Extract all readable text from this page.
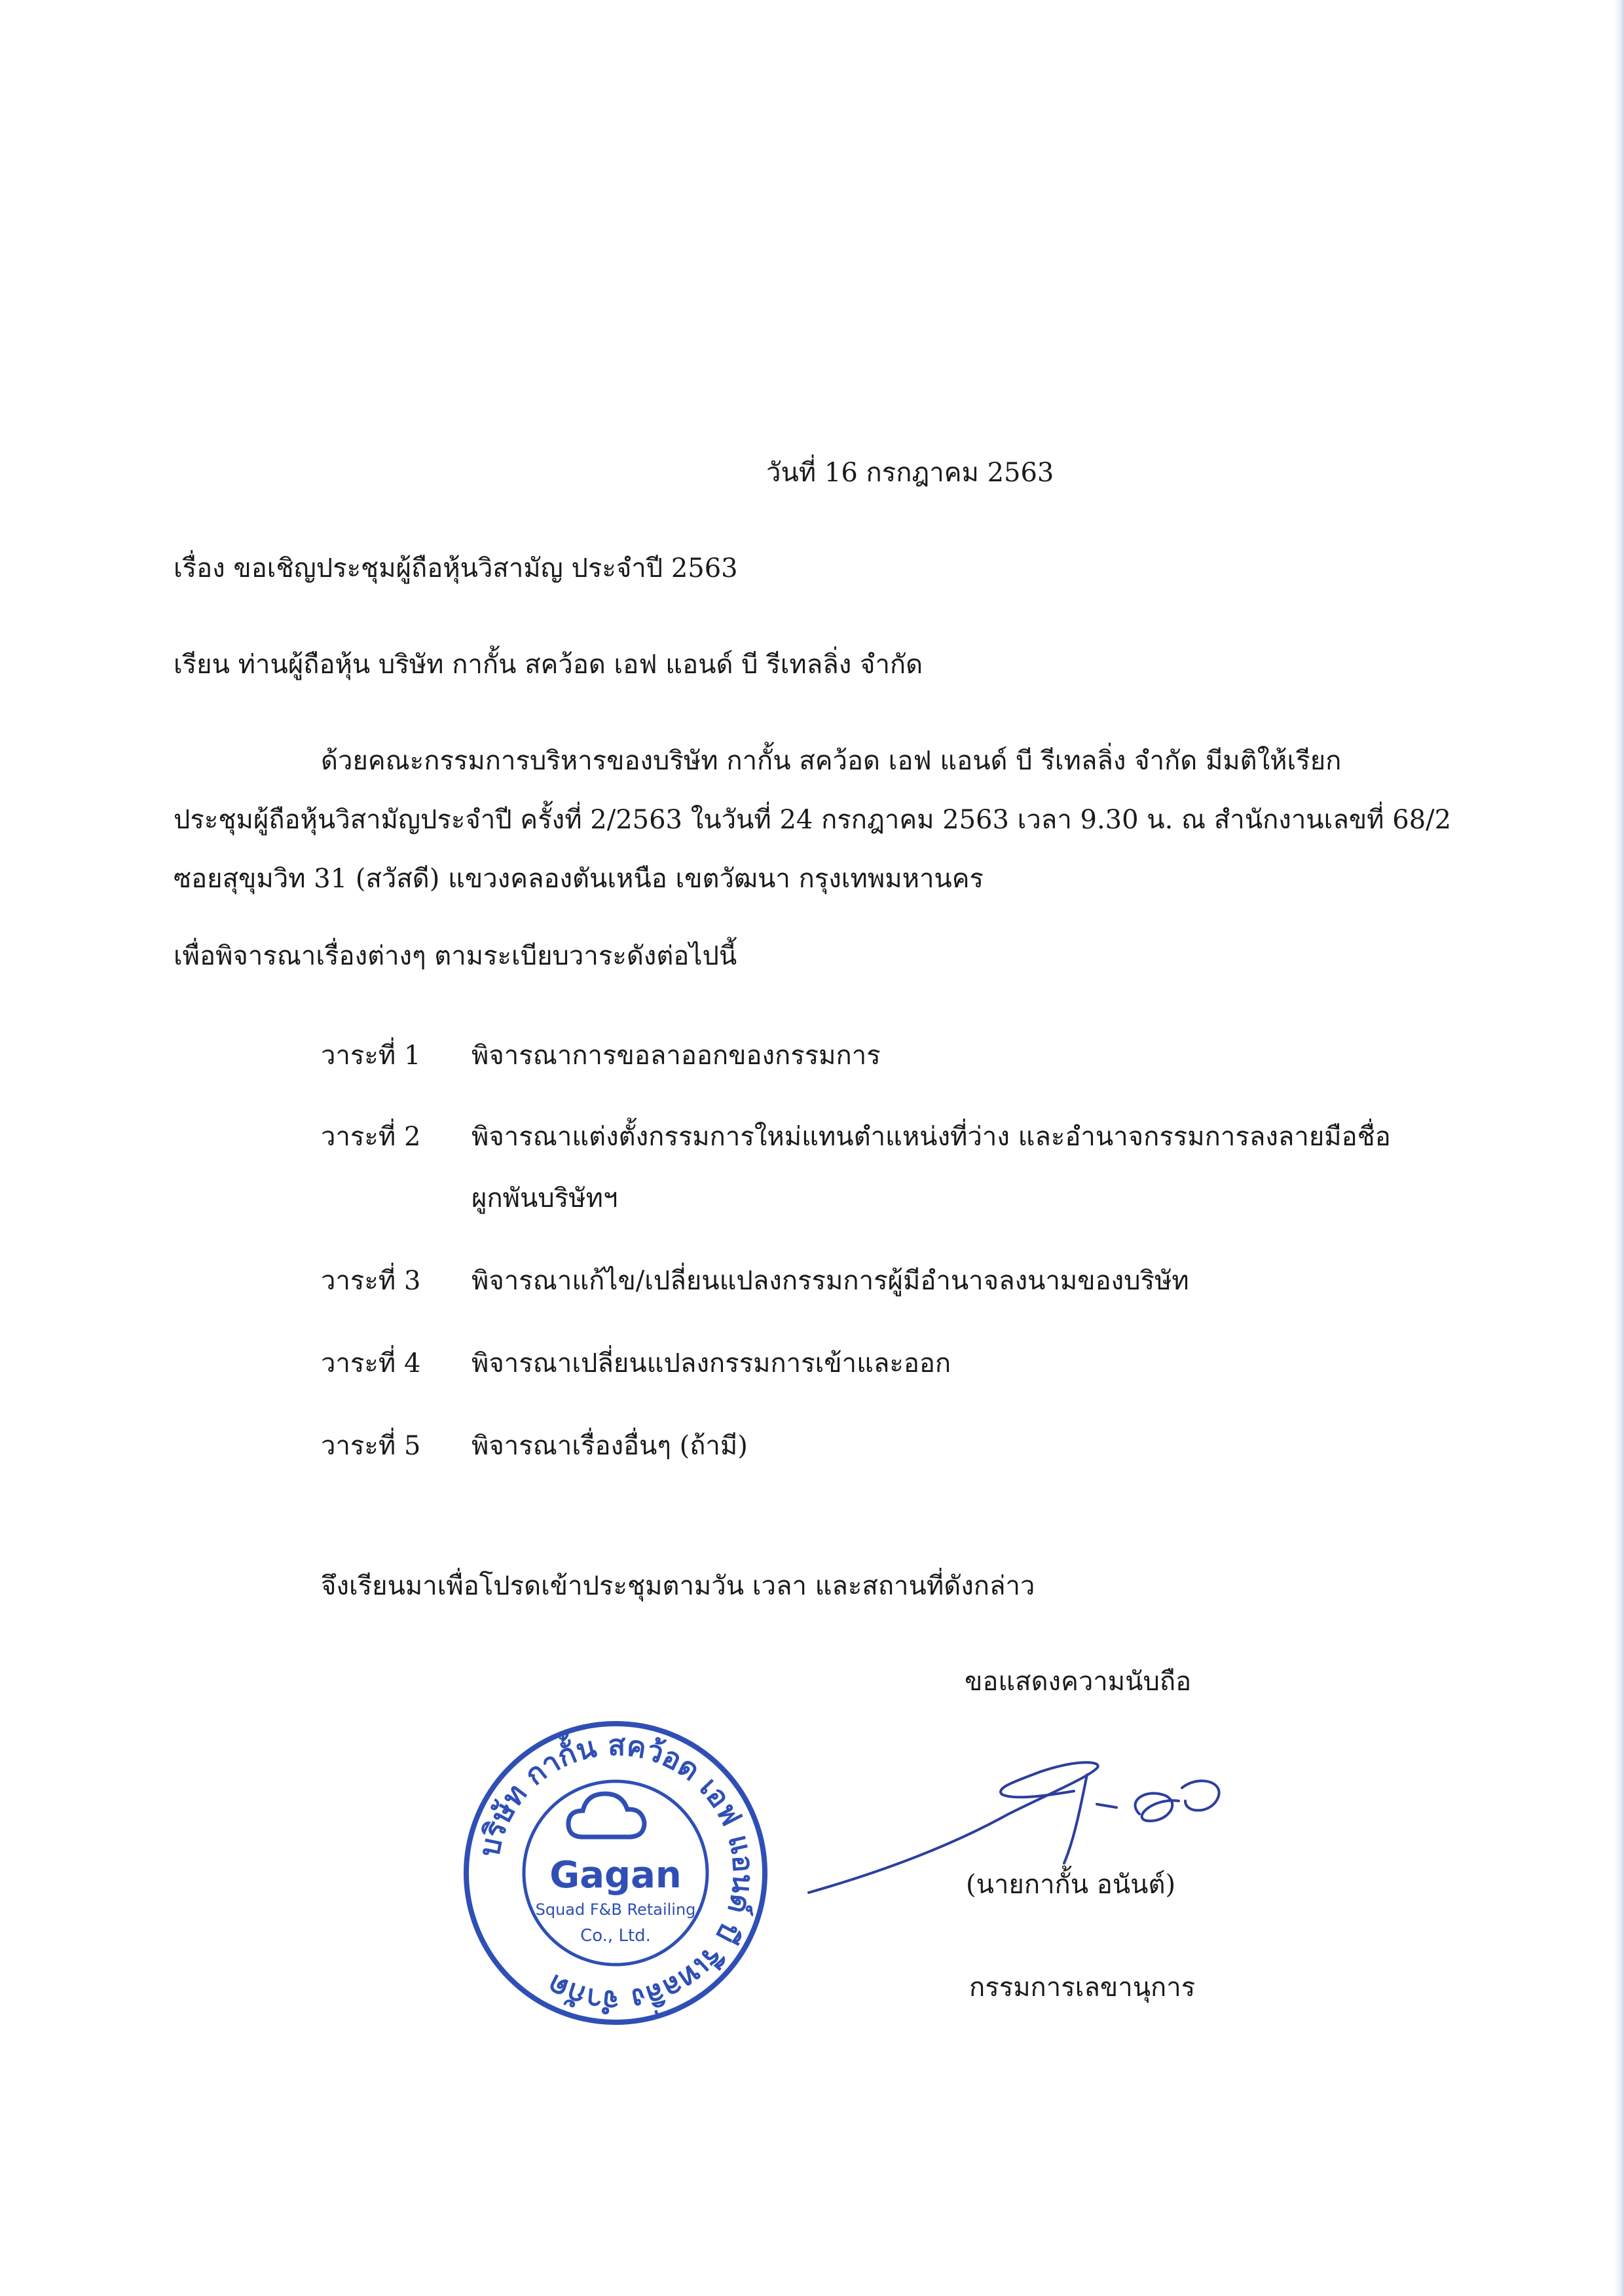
วันที่ 16 กรกฎาคม 2563
เรื่อง ขอเชิญประชุมผู้ถือหุ้นวิสามัญ ประจำปี 2563
เรียน ท่านผู้ถือหุ้น บริษัท กากั้น สคว้อด เอฟ แอนด์ บี รีเทลลิ่ง จำกัด
ด้วยคณะกรรมการบริหารของบริษัท กากั้น สคว้อด เอฟ แอนด์ บี รีเทลลิ่ง จำกัด มีมติให้เรียก
ประชุมผู้ถือหุ้นวิสามัญประจำปี ครั้งที่ 2/2563 ในวันที่ 24 กรกฎาคม 2563 เวลา 9.30 น. ณ สำนักงานเลขที่ 68/2
ซอยสุขุมวิท 31 (สวัสดี) แขวงคลองตันเหนือ เขตวัฒนา กรุงเทพมหานคร
เพื่อพิจารณาเรื่องต่างๆ ตามระเบียบวาระดังต่อไปนี้
วาระที่ 1 พิจารณาการขอลาออกของกรรมการ
วาระที่ 2 พิจารณาแต่งตั้งกรรมการใหม่แทนตำแหน่งที่ว่าง และอำนาจกรรมการลงลายมือชื่อ
ผูกพันบริษัทฯ
วาระที่ 3 พิจารณาแก้ไข/เปลี่ยนแปลงกรรมการผู้มีอำนาจลงนามของบริษัท
วาระที่ 4 พิจารณาเปลี่ยนแปลงกรรมการเข้าและออก
วาระที่ 5 พิจารณาเรื่องอื่นๆ (ถ้ามี)
จึงเรียนมาเพื่อโปรดเข้าประชุมตามวัน เวลา และสถานที่ดังกล่าว
ขอแสดงความนับถือ
บริษัท กากั้น สคว้อด เอฟ แอนด์ บี รีเทลลิ่ง จำกัด
Gagan
Squad F&B Retailing
Co., Ltd.
(นายกากั้น อนันต์)
กรรมการเลขานุการ
